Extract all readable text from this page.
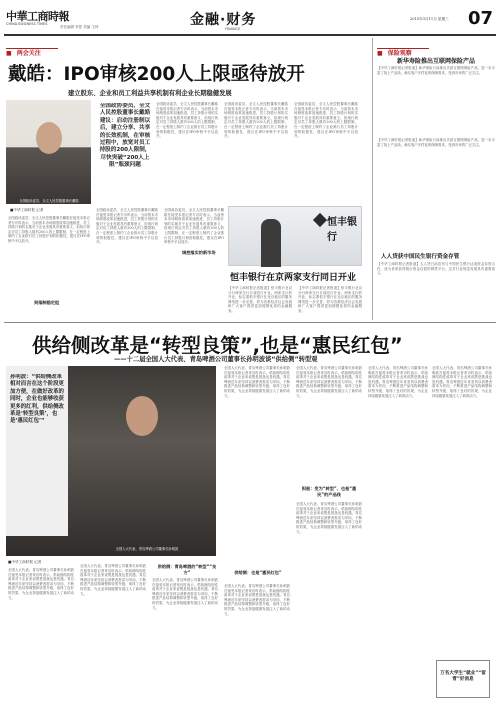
中華工商時報
CHINA BUSINESS TIMES
责任编辑 李思 美编 王帅	金融·财务
FINANCE
2015年3月11日 星期三 07
■ 两会关注
戴皓：IPO审核200人上限亟待放开
建立股东、企业和员工利益共享机制有利企业长期稳健发展
全国政协委员、全文人民控股董事长戴皓
全国政协委员、全文人民控股董事长戴皓建议：启动注册制以后，建立分享、共享的长效机制，在审核过程中，放宽对员工持股的200人限制，尽快突破“200人上限”瓶颈问题
全国政协委员、全文人民控股董事长戴皓在接受本报记者专访时表示，当前资本市场制度改革加速推进，员工持股计划的实施对于企业发展具有重要意义，但现行规定对员工持股人数有200人的上限限制，在一定程度上制约了企业推行员工持股计划的积极性，建议在IPO审核中予以放开。
全国政协委员、全文人民控股董事长戴皓在接受本报记者专访时表示，当前资本市场制度改革加速推进，员工持股计划的实施对于企业发展具有重要意义，但现行规定对员工持股人数有200人的上限限制，在一定程度上制约了企业推行员工持股计划的积极性，建议在IPO审核中予以放开。
全国政协委员、全文人民控股董事长戴皓在接受本报记者专访时表示，当前资本市场制度改革加速推进，员工持股计划的实施对于企业发展具有重要意义，但现行规定对员工持股人数有200人的上限限制，在一定程度上制约了企业推行员工持股计划的积极性，建议在IPO审核中予以放开。
■中华工商时报 记者
全国政协委员、全文人民控股董事长戴皓在接受本报记者专访时表示，当前资本市场制度改革加速推进，员工持股计划的实施对于企业发展具有重要意义，但现行规定对员工持股人数有200人的上限限制，在一定程度上制约了企业推行员工持股计划的积极性，建议在IPO审核中予以放开。
到落制稳定组
全国政协委员、全文人民控股董事长戴皓在接受本报记者专访时表示，当前资本市场制度改革加速推进，员工持股计划的实施对于企业发展具有重要意义，但现行规定对员工持股人数有200人的上限限制，在一定程度上制约了企业推行员工持股计划的积极性，建议在IPO审核中予以放开。
全国政协委员、全文人民控股董事长戴皓在接受本报记者专访时表示，当前资本市场制度改革加速推进，员工持股计划的实施对于企业发展具有重要意义，但现行规定对员工持股人数有200人的上限限制，在一定程度上制约了企业推行员工持股计划的积极性，建议在IPO审核中予以放开。
调控落实的新市场
恒丰银行
恒丰银行在京两家支行同日开业
【中华工商时报记者报道】恒丰银行北京分行两家支行日前同日开业。两家支行的开业，标志着恒丰银行在北京地区的服务网络进一步完善，将为首都经济社会发展和广大客户提供更加便捷优质的金融服务。
【中华工商时报记者报道】恒丰银行北京分行两家支行日前同日开业。两家支行的开业，标志着恒丰银行在北京地区的服务网络进一步完善，将为首都经济社会发展和广大客户提供更加便捷优质的金融服务。
■ 保险观察
新华寿险推出互联网保险产品
【中华工商时报记者报道】新华保险日前推出多款互联网保险产品，进一步丰富了线上产品线，满足客户多样化的保障需求，受到市场的广泛关注。
【中华工商时报记者报道】新华保险日前推出多款互联网保险产品，进一步丰富了线上产品线，满足客户多样化的保障需求，受到市场的广泛关注。
人人贷获中国民生银行资金存管
【中华工商时报记者报道】人人贷日前宣布与中国民生银行达成资金存管合作，成为首家获得银行资金存管的网贷平台，这对行业规范发展具有重要意义。
供给侧改革是“转型良策”,也是“惠民红包”
——十二届全国人大代表、青岛啤酒公司董事长孙明波谈“供给侧”转型观
孙明波：“供给侧改革相对而言在这个阶段更加方便，在做好改革的同时，企业也能够收获更多的红利，供给侧改革是‘转型良策’，也是‘惠民红包’”
全国人大代表、青岛啤酒公司董事长孙明波
■中华工商时报 记者
全国人大代表、青岛啤酒公司董事长孙明波在接受本报记者采访时表示，供给侧结构性改革对于企业来说既是挑战也是机遇。青岛啤酒近年来坚持以消费者需求为导向，不断推进产品结构调整和转型升级，取得了良好的效果，为企业持续健康发展注入了新的动力。
全国人大代表、青岛啤酒公司董事长孙明波在接受本报记者采访时表示，供给侧结构性改革对于企业来说既是挑战也是机遇。青岛啤酒近年来坚持以消费者需求为导向，不断推进产品结构调整和转型升级，取得了良好的效果，为企业持续健康发展注入了新的动力。
供给侧：青岛啤酒的“转型”“良方”
全国人大代表、青岛啤酒公司董事长孙明波在接受本报记者采访时表示，供给侧结构性改革对于企业来说既是挑战也是机遇。青岛啤酒近年来坚持以消费者需求为导向，不断推进产品结构调整和转型升级，取得了良好的效果，为企业持续健康发展注入了新的动力。
全国人大代表、青岛啤酒公司董事长孙明波在接受本报记者采访时表示，供给侧结构性改革对于企业来说既是挑战也是机遇。青岛啤酒近年来坚持以消费者需求为导向，不断推进产品结构调整和转型升级，取得了良好的效果，为企业持续健康发展注入了新的动力。
供给侧：也是“惠民红包”
全国人大代表、青岛啤酒公司董事长孙明波在接受本报记者采访时表示，供给侧结构性改革对于企业来说既是挑战也是机遇。青岛啤酒近年来坚持以消费者需求为导向，不断推进产品结构调整和转型升级，取得了良好的效果，为企业持续健康发展注入了新的动力。
全国人大代表、青岛啤酒公司董事长孙明波在接受本报记者采访时表示，供给侧结构性改革对于企业来说既是挑战也是机遇。青岛啤酒近年来坚持以消费者需求为导向，不断推进产品结构调整和转型升级，取得了良好的效果，为企业持续健康发展注入了新的动力。
积极：变为“转型”、也是“惠民”的产品线
全国人大代表、青岛啤酒公司董事长孙明波在接受本报记者采访时表示，供给侧结构性改革对于企业来说既是挑战也是机遇。青岛啤酒近年来坚持以消费者需求为导向，不断推进产品结构调整和转型升级，取得了良好的效果，为企业持续健康发展注入了新的动力。
全国人大代表、青岛啤酒公司董事长孙明波在接受本报记者采访时表示，供给侧结构性改革对于企业来说既是挑战也是机遇。青岛啤酒近年来坚持以消费者需求为导向，不断推进产品结构调整和转型升级，取得了良好的效果，为企业持续健康发展注入了新的动力。
全国人大代表、青岛啤酒公司董事长孙明波在接受本报记者采访时表示，供给侧结构性改革对于企业来说既是挑战也是机遇。青岛啤酒近年来坚持以消费者需求为导向，不断推进产品结构调整和转型升级，取得了良好的效果，为企业持续健康发展注入了新的动力。
万名大学生“就业”“留青”好消息
